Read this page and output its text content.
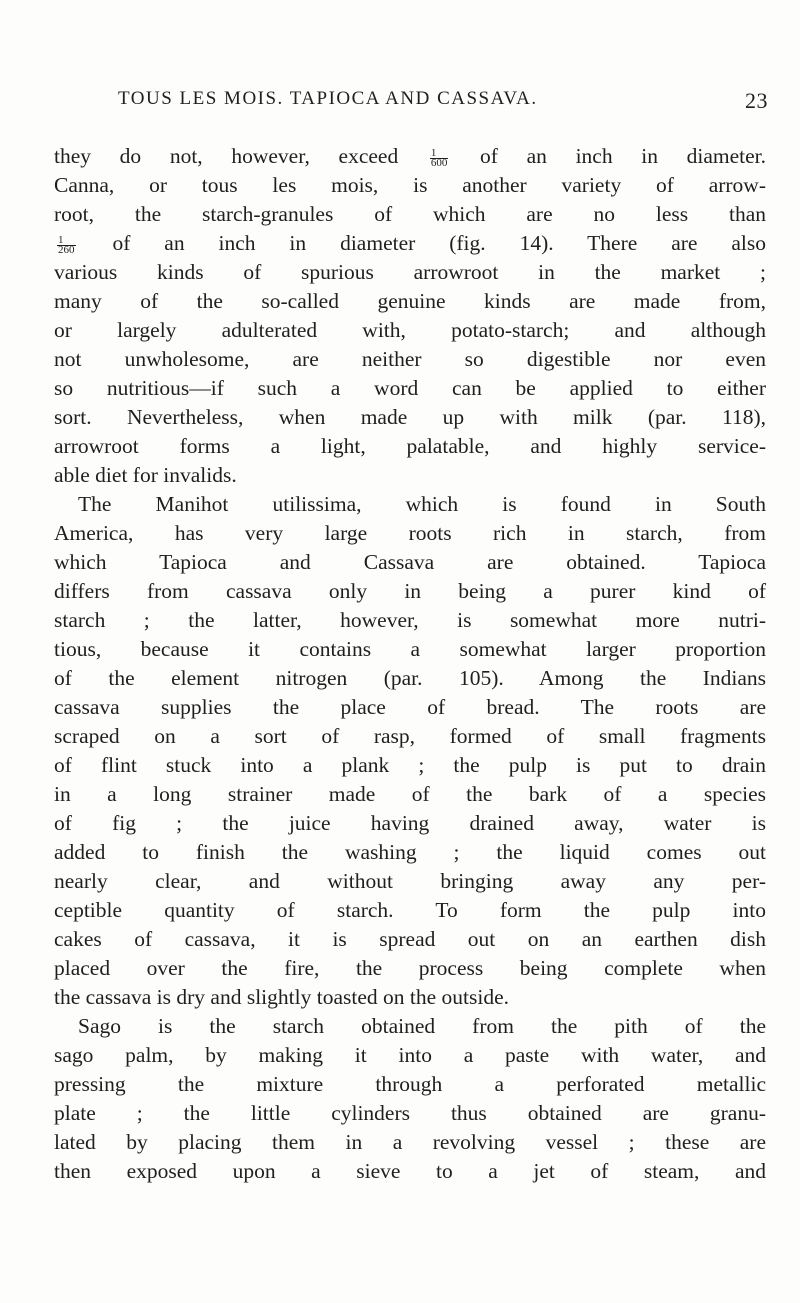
TOUS LES MOIS. TAPIOCA AND CASSAVA.	23
they do not, however, exceed	$\frac{1}{600}$ of an inch in diameter.
Canna, or tous les mois, is another variety of arrow-
root, the starch-granules of which are no less than
$\frac{1}{260}$ of an inch in diameter (fig. 14). There are also
various kinds of spurious arrowroot in the market ;
many of the so-called genuine kinds are made from,
or largely adulterated with, potato-starch; and although
not unwholesome, are neither so digestible nor even
so nutritious—if such a word can be applied to either
sort. Nevertheless, when made up with milk (par. 118),
arrowroot forms a light, palatable, and highly service-
able diet for invalids.
The Manihot utilissima, which is found in South
America, has very large roots rich in starch, from
which Tapioca and Cassava are obtained. Tapioca
differs from cassava only in being a purer kind of
starch ; the latter, however, is somewhat more nutri-
tious, because it contains a somewhat larger proportion
of the element nitrogen (par. 105). Among the Indians
cassava supplies the place of bread. The roots are
scraped on a sort of rasp, formed of small fragments
of flint stuck into a plank ; the pulp is put to drain
in a long strainer made of the bark of a species
of fig ; the juice having drained away, water is
added to finish the washing ; the liquid comes out
nearly clear, and without bringing away any per-
ceptible quantity of starch. To form the pulp into
cakes of cassava, it is spread out on an earthen dish
placed over the fire, the process being complete when
the cassava is dry and slightly toasted on the outside.
Sago is the starch obtained from the pith of the
sago palm, by making it into a paste with water, and
pressing the mixture through a perforated metallic
plate ; the little cylinders thus obtained are granu-
lated by placing them in a revolving vessel ; these are
then exposed upon a sieve to a jet of steam, and
